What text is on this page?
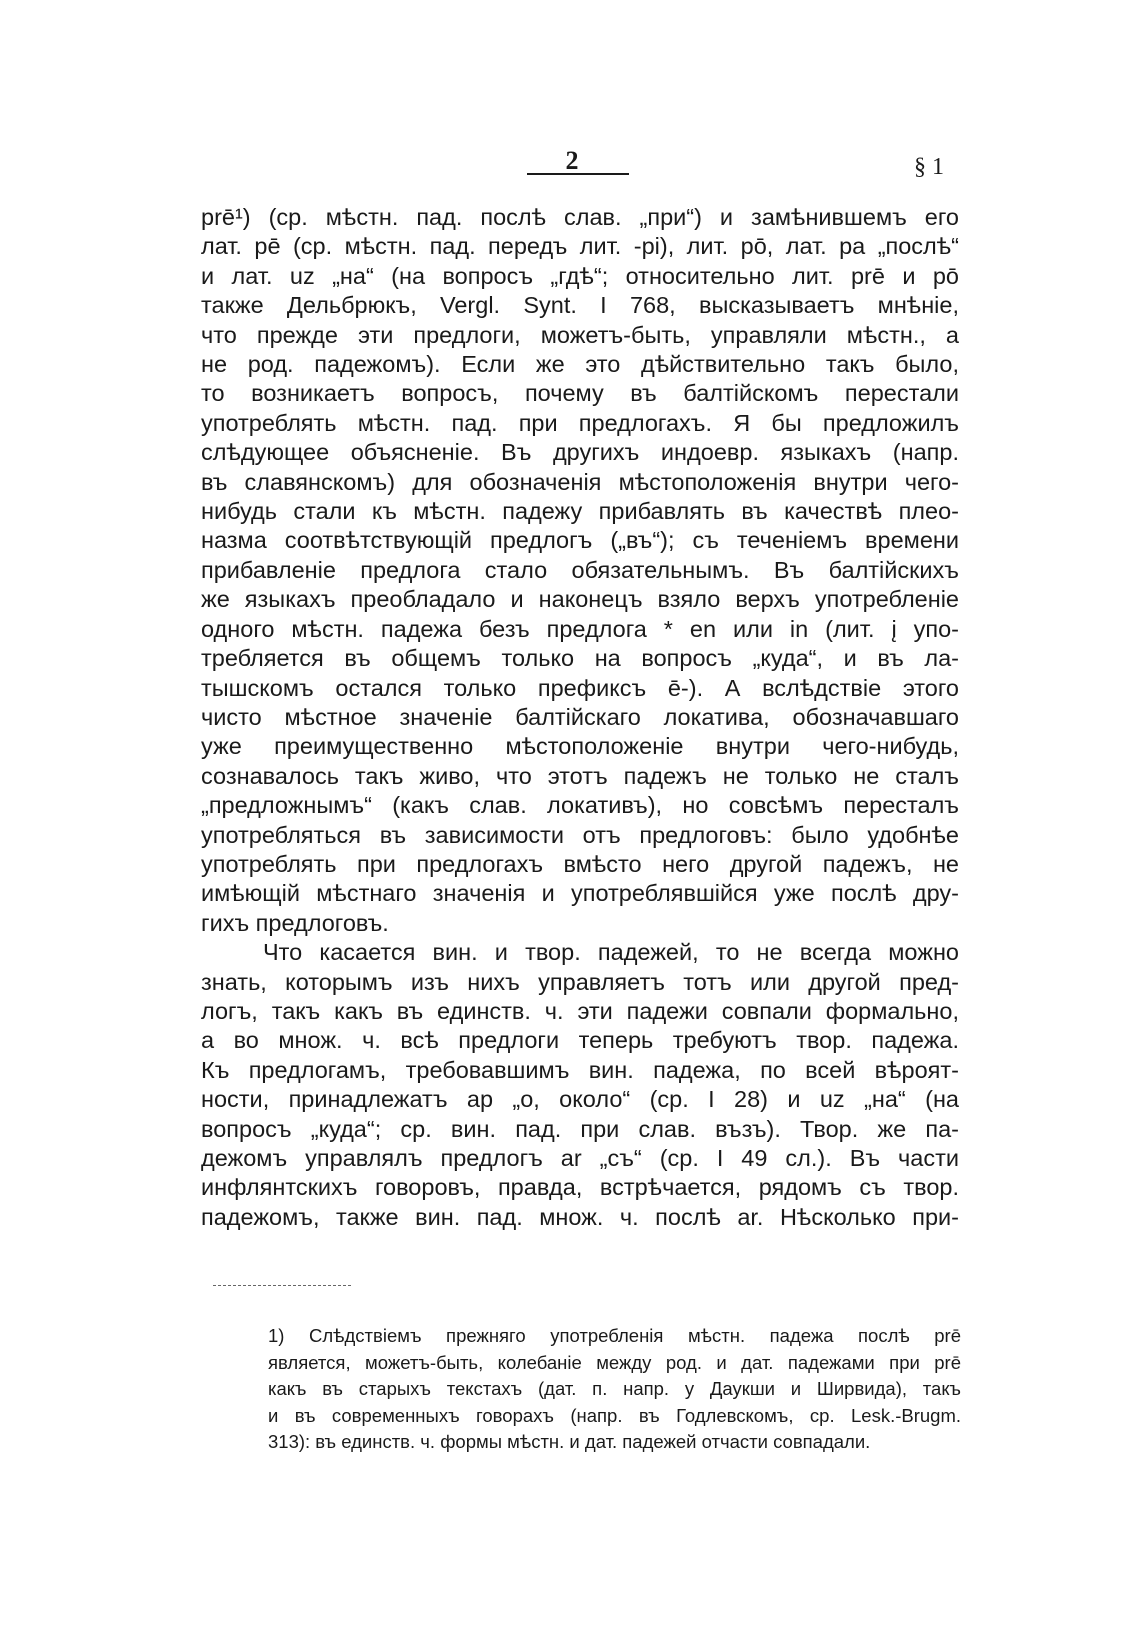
2	§ 1
prē¹) (ср. мѣстн. пад. послѣ слав. „при“) и замѣнившемъ его
лат. pē (ср. мѣстн. пад. передъ лит. -pi), лит. pō, лат. pa „послѣ“
и лат. uz „на“ (на вопросъ „гдѣ“; относительно лит. prē и pō
также Дельбрюкъ, Vergl. Synt. I 768, высказываетъ мнѣніе,
что прежде эти предлоги, можетъ-быть, управляли мѣстн., а
не род. падежомъ). Если же это дѣйствительно такъ было,
то возникаетъ вопросъ, почему въ балтійскомъ перестали
употреблять мѣстн. пад. при предлогахъ. Я бы предложилъ
слѣдующее объясненіе. Въ другихъ индоевр. языкахъ (напр.
въ славянскомъ) для обозначенія мѣстоположенія внутри чего-
нибудь стали къ мѣстн. падежу прибавлять въ качествѣ плео-
назма соотвѣтствующій предлогъ („въ“); съ теченіемъ времени
прибавленіе предлога стало обязательнымъ. Въ балтійскихъ
же языкахъ преобладало и наконецъ взяло верхъ употребленіе
одного мѣстн. падежа безъ предлога * en или in (лит. į упо-
требляется въ общемъ только на вопросъ „куда“, и въ ла-
тышскомъ остался только префиксъ ē-). А вслѣдствіе этого
чисто мѣстное значеніе балтійскаго локатива, обозначавшаго
уже преимущественно мѣстоположеніе внутри чего-нибудь,
сознавалось такъ живо, что этотъ падежъ не только не сталъ
„предложнымъ“ (какъ слав. локативъ), но совсѣмъ пересталъ
употребляться въ зависимости отъ предлоговъ: было удобнѣе
употреблять при предлогахъ вмѣсто него другой падежъ, не
имѣющій мѣстнаго значенія и употреблявшійся уже послѣ дру-
гихъ предлоговъ.
Что касается вин. и твор. падежей, то не всегда можно
знать, которымъ изъ нихъ управляетъ тотъ или другой пред-
логъ, такъ какъ въ единств. ч. эти падежи совпали формально,
а во множ. ч. всѣ предлоги теперь требуютъ твор. падежа.
Къ предлогамъ, требовавшимъ вин. падежа, по всей вѣроят-
ности, принадлежатъ ap „о, около“ (ср. I 28) и uz „на“ (на
вопросъ „куда“; ср. вин. пад. при слав. възъ). Твор. же па-
дежомъ управлялъ предлогъ ar „съ“ (ср. I 49 сл.). Въ части
инфлянтскихъ говоровъ, правда, встрѣчается, рядомъ съ твор.
падежомъ, также вин. пад. множ. ч. послѣ ar. Нѣсколько при-
1) Слѣдствіемъ прежняго употребленія мѣстн. падежа послѣ prē
является, можетъ-быть, колебаніе между род. и дат. падежами при prē
какъ въ старыхъ текстахъ (дат. п. напр. у Даукши и Ширвида), такъ
и въ современныхъ говорахъ (напр. въ Годлевскомъ, ср. Lesk.-Brugm.
313): въ единств. ч. формы мѣстн. и дат. падежей отчасти совпадали.
